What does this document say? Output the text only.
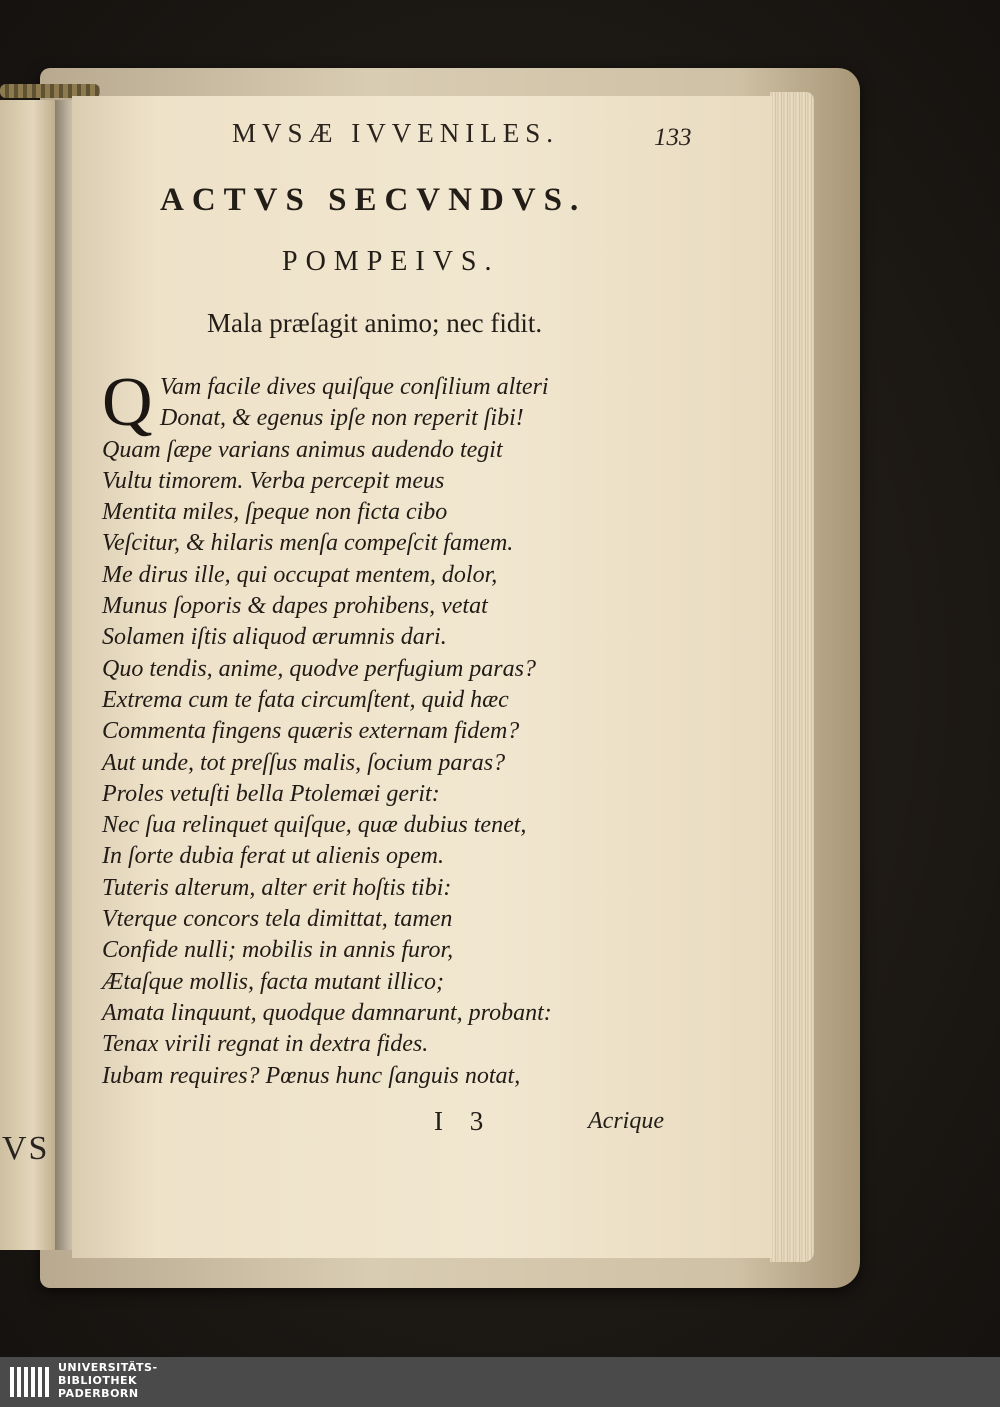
VS
MVSÆ IVVENILES.	133
ACTVS SECVNDVS.
POMPEIVS.
Mala præſagit animo; nec fidit.
Q Vam facile dives quiſque conſilium alteri
Donat, & egenus ipſe non reperit ſibi!
Quam ſæpe varians animus audendo tegit
Vultu timorem. Verba percepit meus
Mentita miles, ſpeque non ficta cibo
Veſcitur, & hilaris menſa compeſcit famem.
Me dirus ille, qui occupat mentem, dolor,
Munus ſoporis & dapes prohibens, vetat
Solamen iſtis aliquod ærumnis dari.
Quo tendis, anime, quodve perfugium paras?
Extrema cum te fata circumſtent, quid hæc
Commenta fingens quæris externam fidem?
Aut unde, tot preſſus malis, ſocium paras?
Proles vetuſti bella Ptolemæi gerit:
Nec ſua relinquet quiſque, quæ dubius tenet,
In ſorte dubia ferat ut alienis opem.
Tuteris alterum, alter erit hoſtis tibi:
Vterque concors tela dimittat, tamen
Confide nulli; mobilis in annis furor,
Ætaſque mollis, facta mutant illico;
Amata linquunt, quodque damnarunt, probant:
Tenax virili regnat in dextra fides.
Iubam requires? Pœnus hunc ſanguis notat,
I 3	Acrique
UNIVERSITÄTS-
BIBLIOTHEK
PADERBORN
